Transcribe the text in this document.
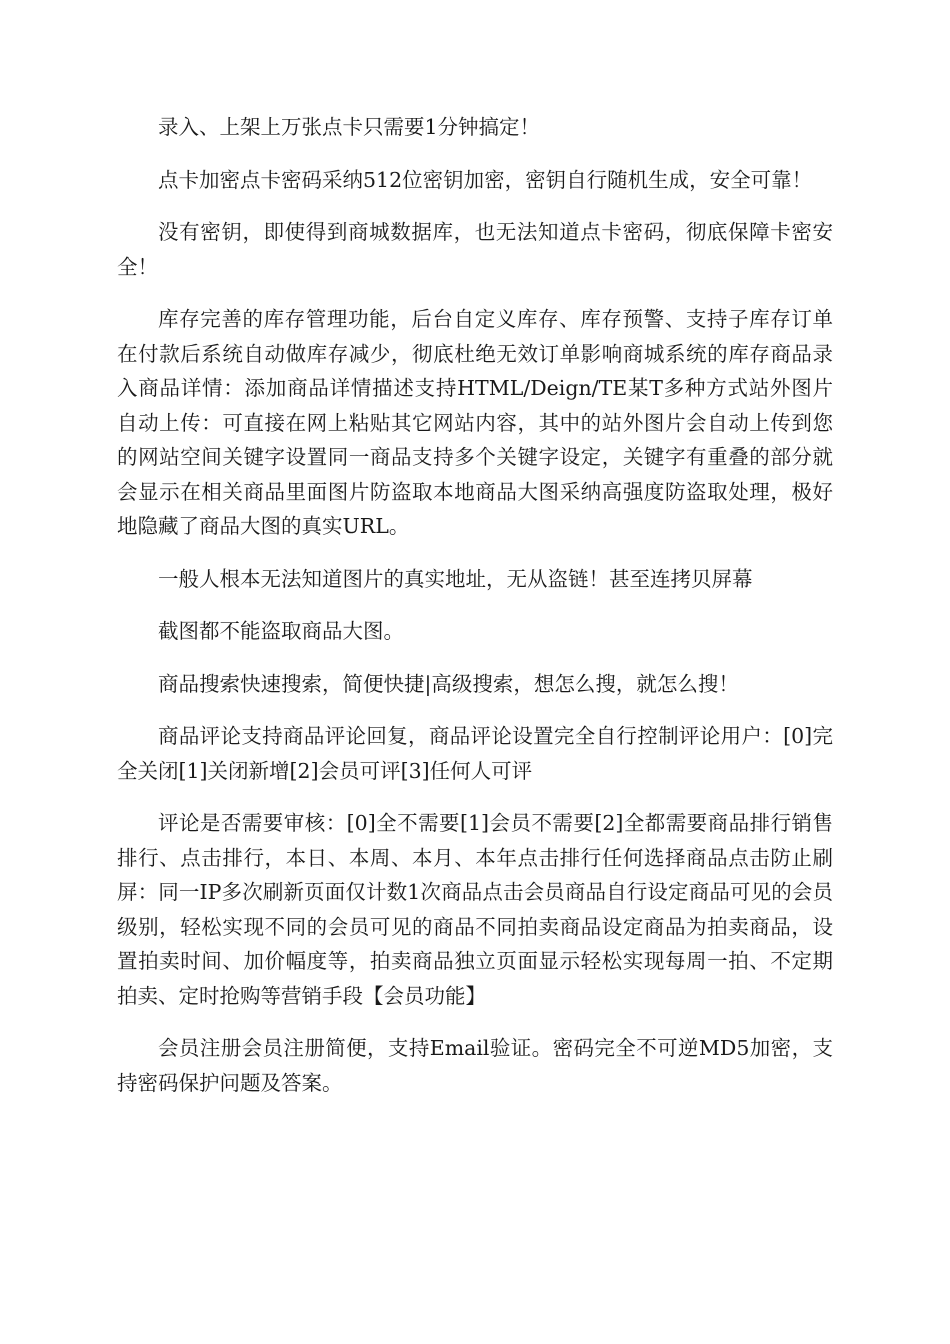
录入、上架上万张点卡只需要1分钟搞定！

点卡加密点卡密码采纳512位密钥加密，密钥自行随机生成，安全可靠！

没有密钥，即使得到商城数据库，也无法知道点卡密码，彻底保障卡密安全！

库存完善的库存管理功能，后台自定义库存、库存预警、支持子库存订单在付款后系统自动做库存减少，彻底杜绝无效订单影响商城系统的库存商品录入商品详情：添加商品详情描述支持HTML/Deign/TE某T多种方式站外图片自动上传：可直接在网上粘贴其它网站内容，其中的站外图片会自动上传到您的网站空间关键字设置同一商品支持多个关键字设定，关键字有重叠的部分就会显示在相关商品里面图片防盗取本地商品大图采纳高强度防盗取处理，极好地隐藏了商品大图的真实URL。

一般人根本无法知道图片的真实地址，无从盗链！甚至连拷贝屏幕

截图都不能盗取商品大图。

商品搜索快速搜索，简便快捷|高级搜索，想怎么搜，就怎么搜！

商品评论支持商品评论回复，商品评论设置完全自行控制评论用户：[0]完全关闭[1]关闭新增[2]会员可评[3]任何人可评

评论是否需要审核：[0]全不需要[1]会员不需要[2]全都需要商品排行销售排行、点击排行，本日、本周、本月、本年点击排行任何选择商品点击防止刷屏：同一IP多次刷新页面仅计数1次商品点击会员商品自行设定商品可见的会员级别，轻松实现不同的会员可见的商品不同拍卖商品设定商品为拍卖商品，设置拍卖时间、加价幅度等，拍卖商品独立页面显示轻松实现每周一拍、不定期拍卖、定时抢购等营销手段【会员功能】

会员注册会员注册简便，支持Email验证。密码完全不可逆MD5加密，支持密码保护问题及答案。
